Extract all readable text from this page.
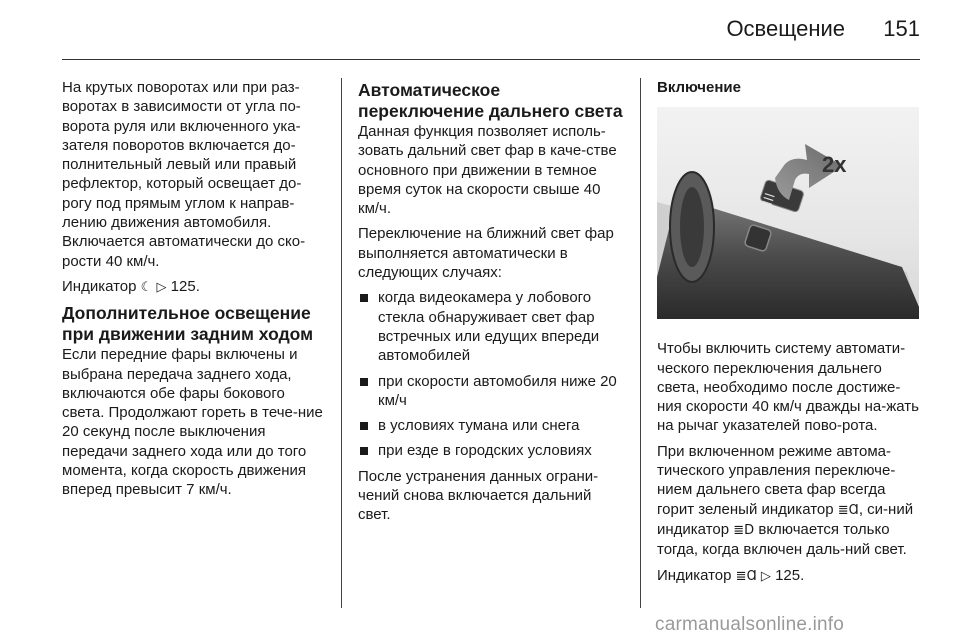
Освещение 151

На крутых поворотах или при раз-воротах в зависимости от угла по-ворота руля или включенного ука-зателя поворотов включается до-полнительный левый или правый рефлектор, который освещает до-рогу под прямым углом к направ-лению движения автомобиля. Включается автоматически до ско-рости 40 км/ч.

Индикатор ☾ ▷ 125.

Дополнительное освещение при движении задним ходом

Если передние фары включены и выбрана передача заднего хода, включаются обе фары бокового света. Продолжают гореть в тече-ние 20 секунд после выключения передачи заднего хода или до того момента, когда скорость движения вперед превысит 7 км/ч.

Автоматическое переключение дальнего света

Данная функция позволяет исполь-зовать дальний свет фар в каче-стве основного при движении в темное время суток на скорости свыше 40 км/ч.

Переключение на ближний свет фар выполняется автоматически в следующих случаях:

когда видеокамера у лобового стекла обнаруживает свет фар встречных или едущих впереди автомобилей
при скорости автомобиля ниже 20 км/ч
в условиях тумана или снега
при езде в городских условиях

После устранения данных ограни-чений снова включается дальний свет.

Включение
2x

Чтобы включить систему автомати-ческого переключения дальнего света, необходимо после достиже-ния скорости 40 км/ч дважды на-жать на рычаг указателей пово-рота.

При включенном режиме автома-тического управления переключе-нием дальнего света фар всегда горит зеленый индикатор ≣Ɑ, си-ний индикатор ≣D включается только тогда, когда включен даль-ний свет.

Индикатор ≣Ɑ ▷ 125.

carmanualsonline.info
